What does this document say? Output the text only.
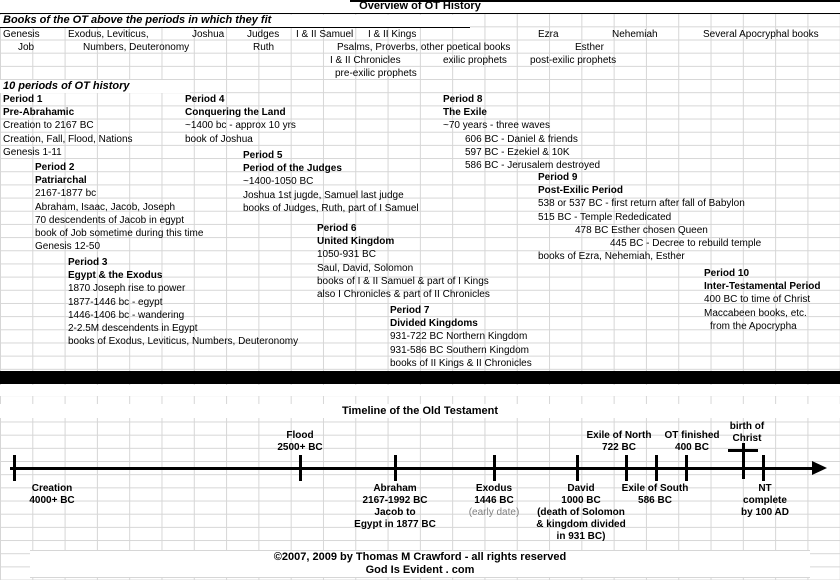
Overview of OT History
Books of the OT above the periods in which they fit
Genesis	Exodus, Leviticus,	Joshua Judges I & II Samuel I & II Kings	Ezra	Nehemiah	Several Apocryphal books
Job	Numbers, Deuteronomy	Ruth	Psalms, Proverbs, other poetical books	Esther
I & II Chronicles	exilic prophets post-exilic prophets
pre-exilic prophets
10 periods of OT history
Period 1
Pre-Abrahamic
Creation to 2167 BC
Creation, Fall, Flood, Nations
Genesis 1-11
Period 4
Conquering the Land
~1400 bc - approx 10 yrs
book of Joshua
Period 8
The Exile
~70 years - three waves
606 BC - Daniel & friends
597 BC - Ezekiel & 10K
586 BC - Jerusalem destroyed
Period 5
Period of the Judges
~1400-1050 BC
Joshua 1st jugde, Samuel last judge
books of Judges, Ruth, part of I Samuel
Period 2
Patriarchal
2167-1877 bc
Abraham, Isaac, Jacob, Joseph
70 descendents of Jacob in egypt
book of Job sometime during this time
Genesis 12-50
Period 9
Post-Exilic Period
538 or 537 BC - first return after fall of Babylon
515 BC - Temple Rededicated
478 BC Esther chosen Queen
445 BC - Decree to rebuild temple
books of Ezra, Nehemiah, Esther
Period 6
United Kingdom
1050-931 BC
Saul, David, Solomon
books of I & II Samuel & part of I Kings
also I Chronicles & part of II Chronicles
Period 3
Egypt & the Exodus
1870 Joseph rise to power
1877-1446 bc - egypt
1446-1406 bc - wandering
2-2.5M descendents in Egypt
books of Exodus, Leviticus, Numbers, Deuteronomy
Period 10
Inter-Testamental Period
400 BC to time of Christ
Maccabeen books, etc.
from the Apocrypha
Period 7
Divided Kingdoms
931-722 BC Northern Kingdom
931-586 BC Southern Kingdom
books of II Kings & II Chronicles
Timeline of the Old Testament
Flood
2500+ BC
Exile of North
722 BC
OT finished
400 BC
birth of
Christ
Creation
4000+ BC
Abraham
2167-1992 BC
Jacob to
Egypt in 1877 BC
Exodus
1446 BC
(early date)
David
1000 BC
(death of Solomon
& kingdom divided
in 931 BC)
Exile of South
586 BC
NT
complete
by 100 AD
©2007, 2009 by Thomas M Crawford - all rights reserved
God Is Evident . com
